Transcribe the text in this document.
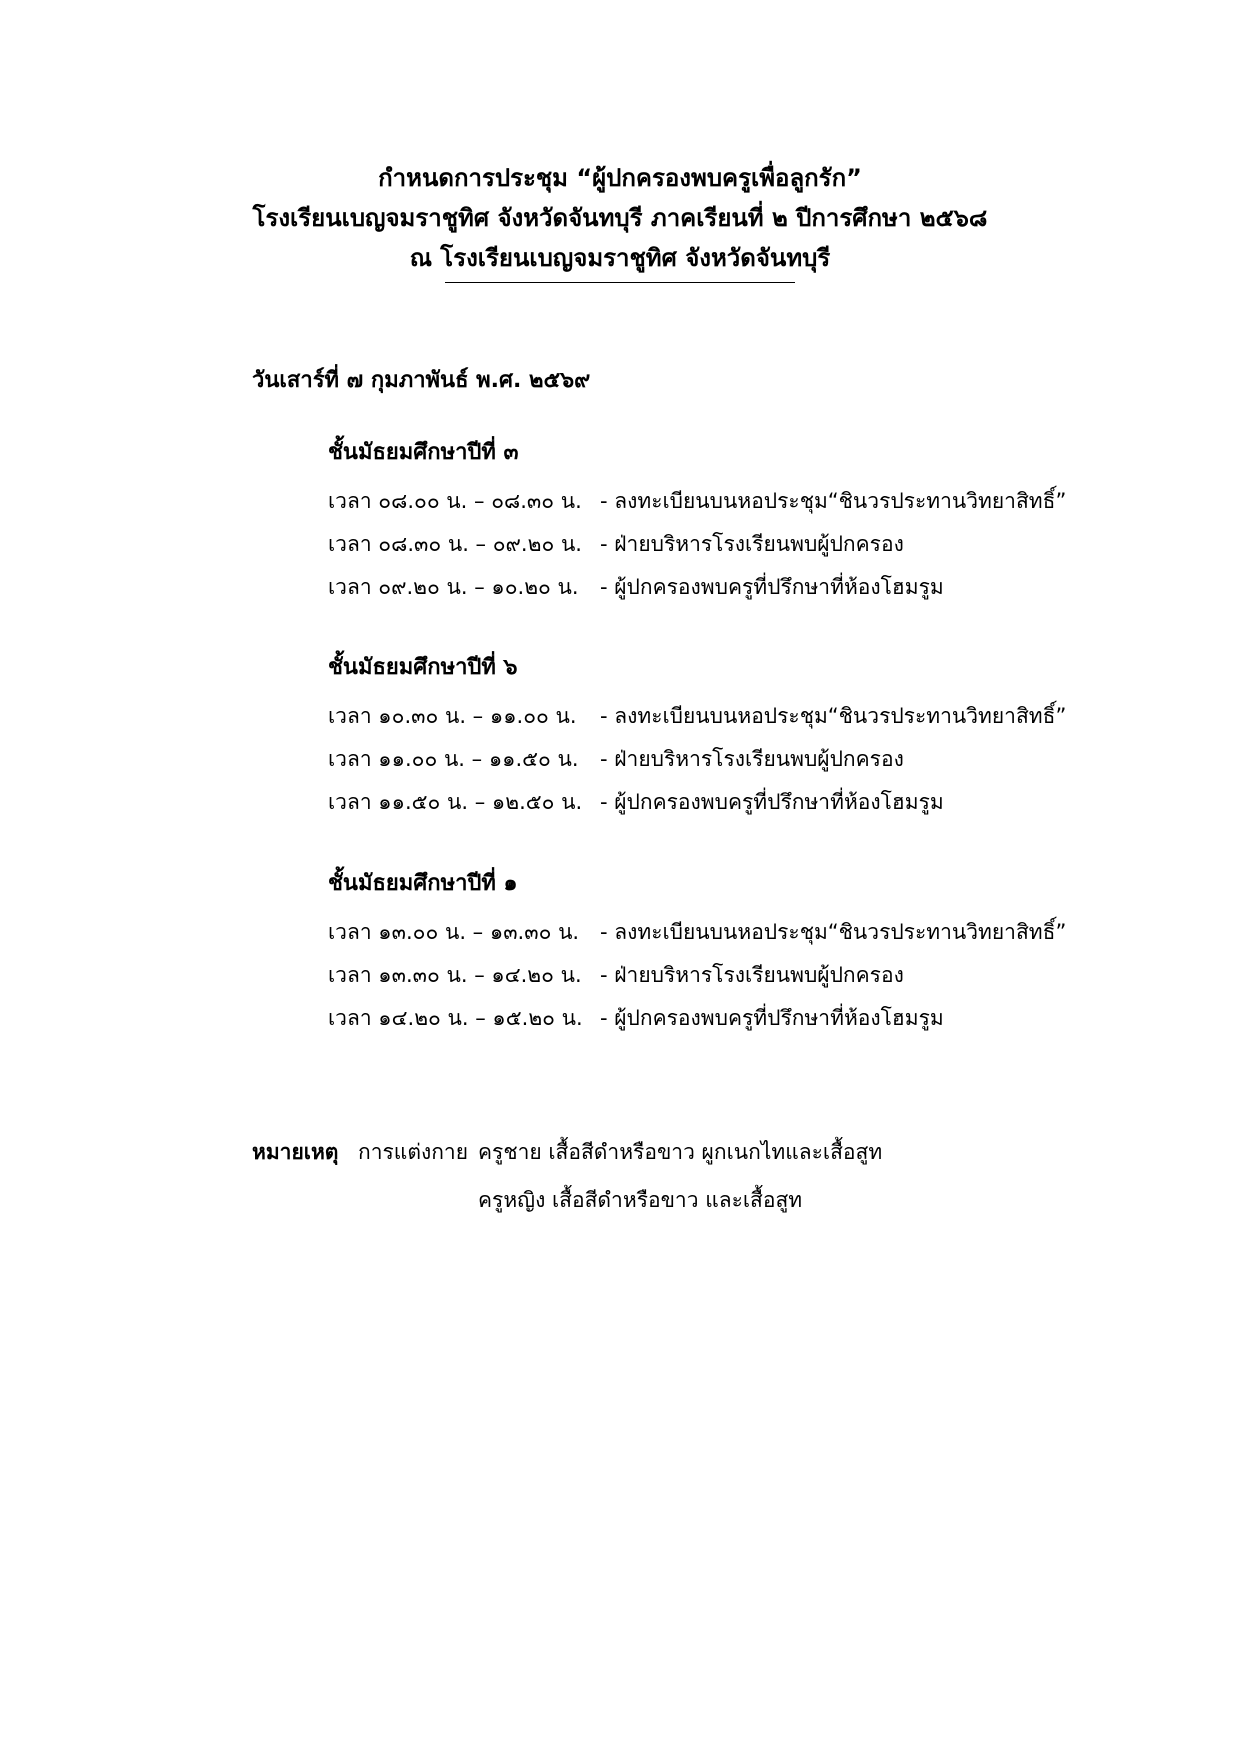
กำหนดการประชุม “ผู้ปกครองพบครูเพื่อลูกรัก”
โรงเรียนเบญจมราชูทิศ จังหวัดจันทบุรี ภาคเรียนที่ ๒ ปีการศึกษา ๒๕๖๘
ณ โรงเรียนเบญจมราชูทิศ จังหวัดจันทบุรี
วันเสาร์ที่ ๗ กุมภาพันธ์ พ.ศ. ๒๕๖๙
ชั้นมัธยมศึกษาปีที่ ๓
เวลา ๐๘.๐๐ น. – ๐๘.๓๐ น. - ลงทะเบียนบนหอประชุม“ชินวรประทานวิทยาสิทธิ์”
เวลา ๐๘.๓๐ น. – ๐๙.๒๐ น. - ฝ่ายบริหารโรงเรียนพบผู้ปกครอง
เวลา ๐๙.๒๐ น. – ๑๐.๒๐ น.	- ผู้ปกครองพบครูที่ปรึกษาที่ห้องโฮมรูม
ชั้นมัธยมศึกษาปีที่ ๖
เวลา ๑๐.๓๐ น. – ๑๑.๐๐ น.	- ลงทะเบียนบนหอประชุม“ชินวรประทานวิทยาสิทธิ์”
เวลา ๑๑.๐๐ น. – ๑๑.๕๐ น.	- ฝ่ายบริหารโรงเรียนพบผู้ปกครอง
เวลา ๑๑.๕๐ น. – ๑๒.๕๐ น. - ผู้ปกครองพบครูที่ปรึกษาที่ห้องโฮมรูม
ชั้นมัธยมศึกษาปีที่ ๑
เวลา ๑๓.๐๐ น. – ๑๓.๓๐ น. - ลงทะเบียนบนหอประชุม“ชินวรประทานวิทยาสิทธิ์”
เวลา ๑๓.๓๐ น. – ๑๔.๒๐ น. - ฝ่ายบริหารโรงเรียนพบผู้ปกครอง
เวลา ๑๔.๒๐ น. – ๑๕.๒๐ น. - ผู้ปกครองพบครูที่ปรึกษาที่ห้องโฮมรูม
หมายเหตุ การแต่งกาย ครูชาย เสื้อสีดำหรือขาว ผูกเนกไทและเสื้อสูท
ครูหญิง เสื้อสีดำหรือขาว และเสื้อสูท
